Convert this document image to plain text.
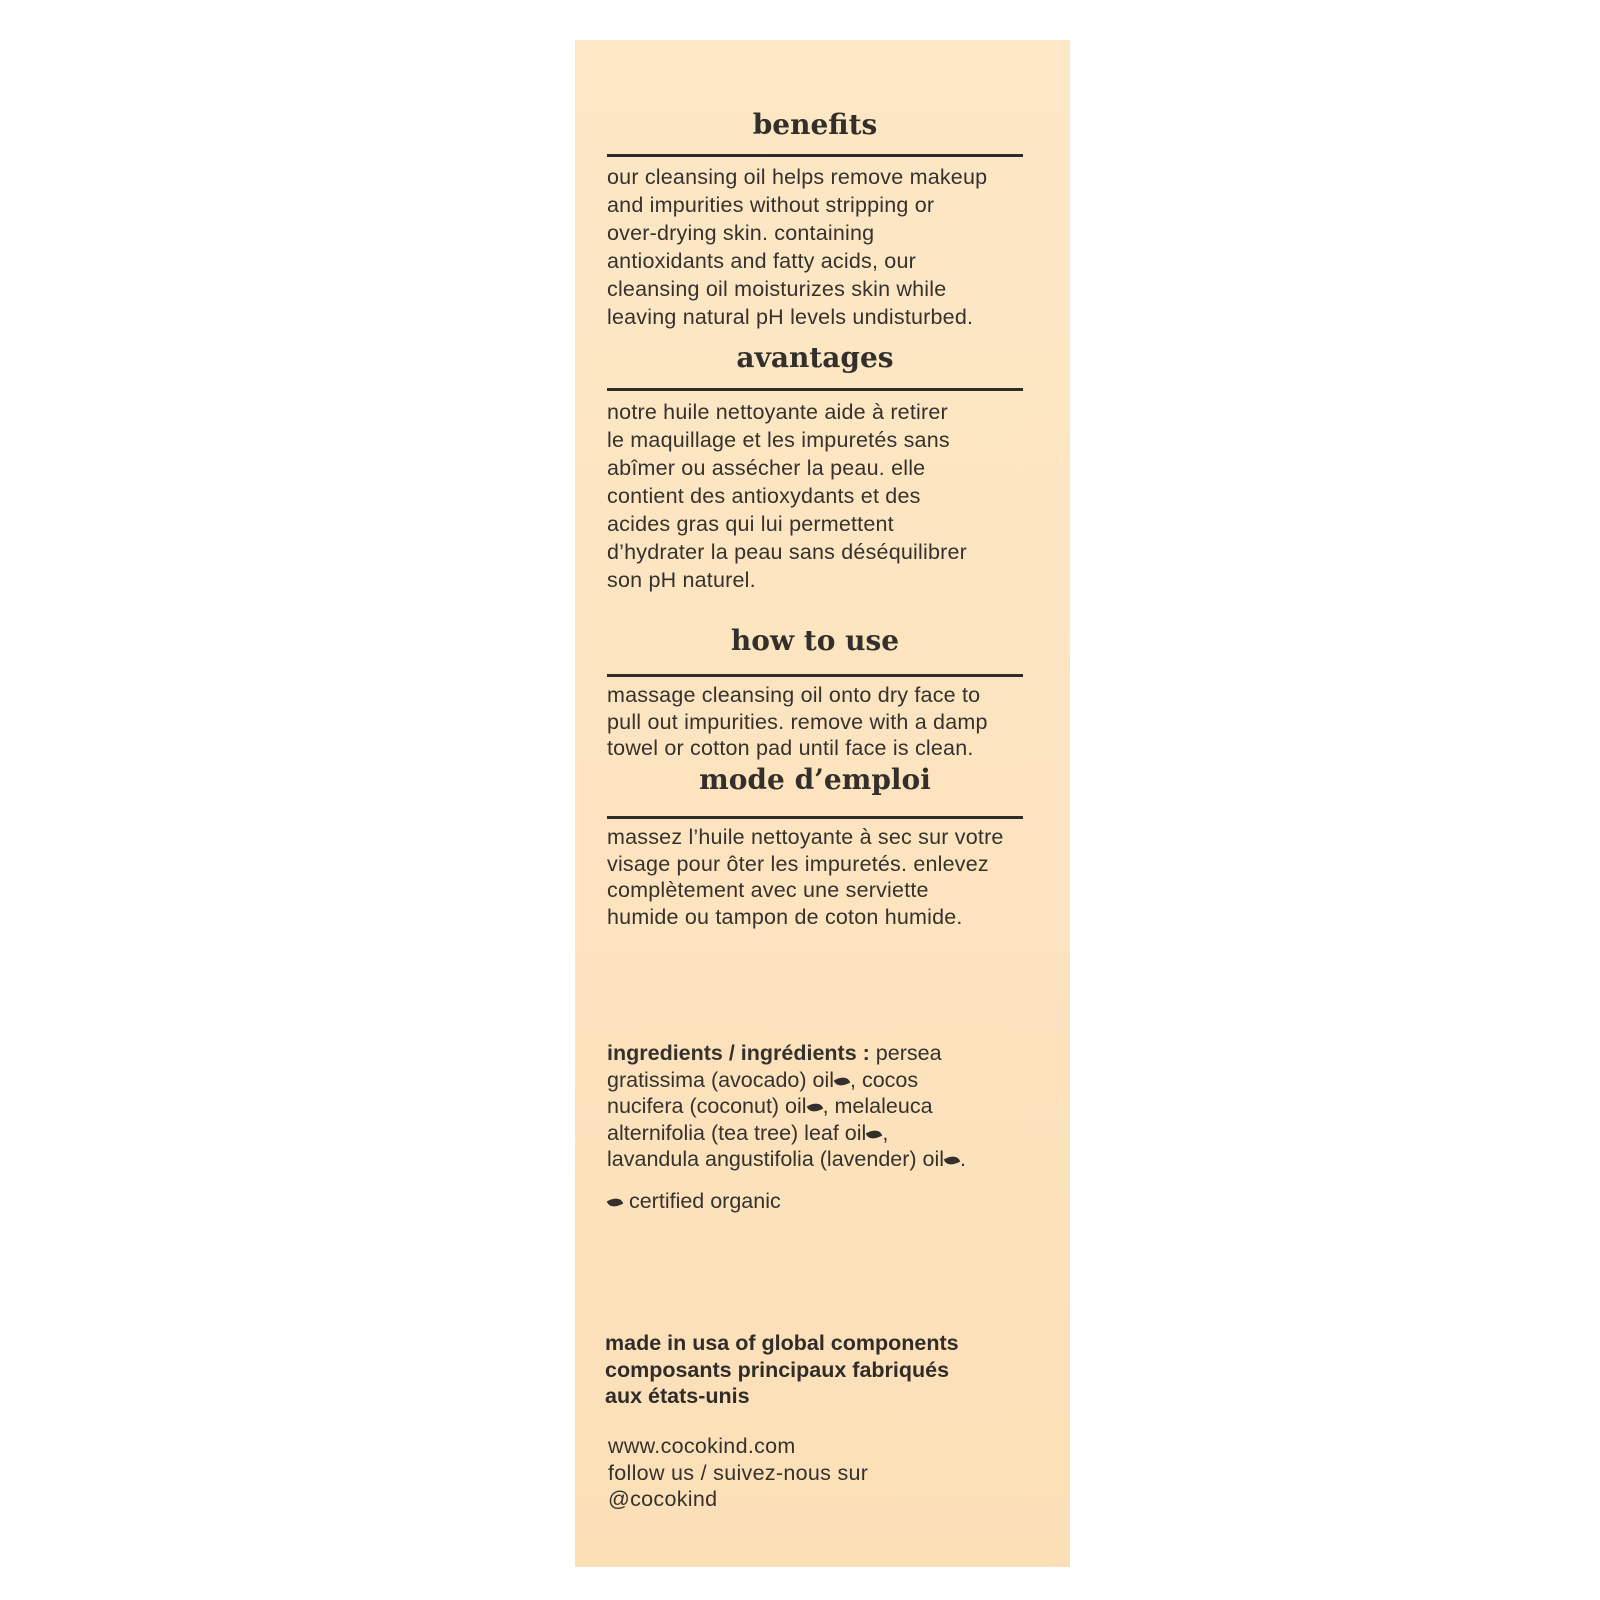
benefits
our cleansing oil helps remove makeup
and impurities without stripping or
over-drying skin. containing
antioxidants and fatty acids, our
cleansing oil moisturizes skin while
leaving natural pH levels undisturbed.
avantages
notre huile nettoyante aide à retirer
le maquillage et les impuretés sans
abîmer ou assécher la peau. elle
contient des antioxydants et des
acides gras qui lui permettent
d’hydrater la peau sans déséquilibrer
son pH naturel.
how to use
massage cleansing oil onto dry face to
pull out impurities. remove with a damp
towel or cotton pad until face is clean.
mode d’emploi
massez l’huile nettoyante à sec sur votre
visage pour ôter les impuretés. enlevez
complètement avec une serviette
humide ou tampon de coton humide.
ingredients / ingrédients : persea
gratissima (avocado) oil , cocos
nucifera (coconut) oil , melaleuca
alternifolia (tea tree) leaf oil ,
lavandula angustifolia (lavender) oil .
certified organic
made in usa of global components
composants principaux fabriqués
aux états-unis
www.cocokind.com
follow us / suivez-nous sur
@cocokind
